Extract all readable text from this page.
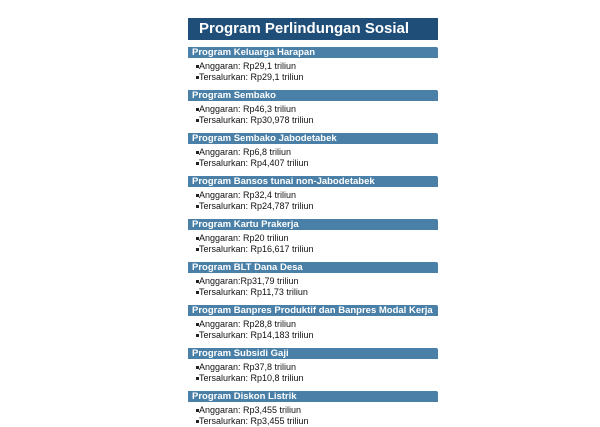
Program Perlindungan Sosial
Program Keluarga Harapan
Anggaran: Rp29,1 triliun
Tersalurkan: Rp29,1 triliun
Program Sembako
Anggaran: Rp46,3 triliun
Tersalurkan: Rp30,978 triliun
Program Sembako Jabodetabek
Anggaran: Rp6,8 triliun
Tersalurkan: Rp4,407 triliun
Program Bansos tunai non-Jabodetabek
Anggaran: Rp32,4 triliun
Tersalurkan: Rp24,787 triliun
Program Kartu Prakerja
Anggaran: Rp20 triliun
Tersalurkan: Rp16,617 triliun
Program BLT Dana Desa
Anggaran:Rp31,79 triliun
Tersalurkan: Rp11,73 triliun
Program Banpres Produktif dan Banpres Modal Kerja
Anggaran: Rp28,8 triliun
Tersalurkan: Rp14,183 triliun
Program Subsidi Gaji
Anggaran: Rp37,8 triliun
Tersalurkan: Rp10,8 triliun
Program Diskon Listrik
Anggaran: Rp3,455 triliun
Tersalurkan: Rp3,455 triliun
